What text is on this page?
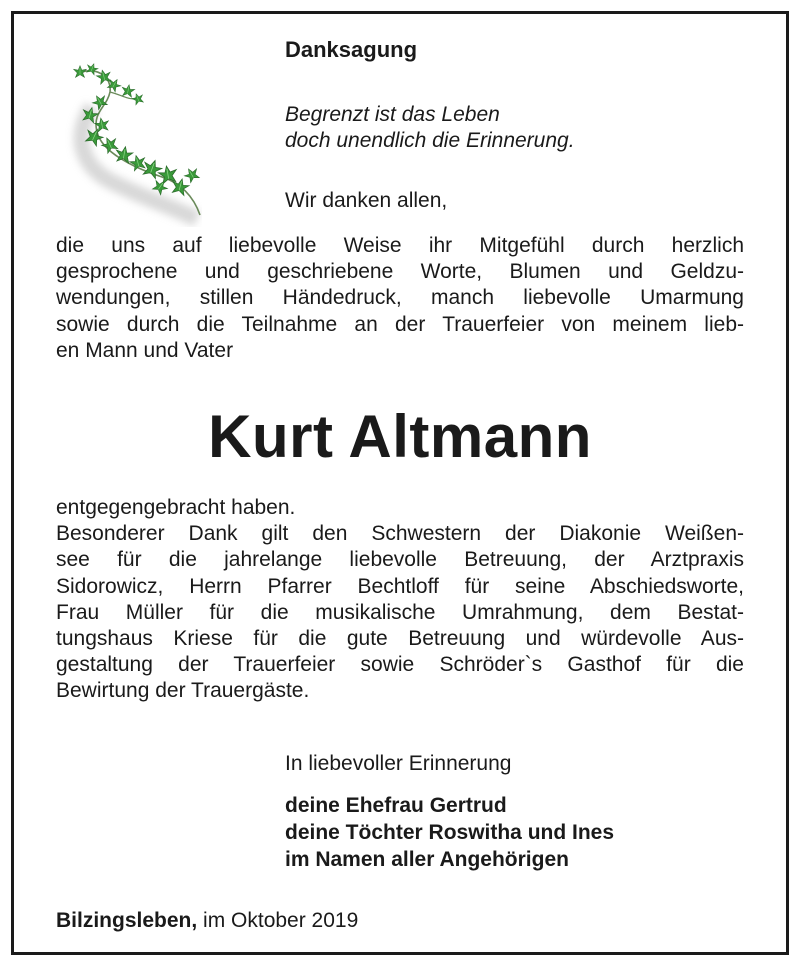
Danksagung
Begrenzt ist das Leben
doch unendlich die Erinnerung.
Wir danken allen,
die uns auf liebevolle Weise ihr Mitgefühl durch herzlich
gesprochene und geschriebene Worte, Blumen und Geldzu-
wendungen, stillen Händedruck, manch liebevolle Umarmung
sowie durch die Teilnahme an der Trauerfeier von meinem lieb-
en Mann und Vater
Kurt Altmann
entgegengebracht haben.
Besonderer Dank gilt den Schwestern der Diakonie Weißen-
see für die jahrelange liebevolle Betreuung, der Arztpraxis
Sidorowicz, Herrn Pfarrer Bechtloff für seine Abschiedsworte,
Frau Müller für die musikalische Umrahmung, dem Bestat-
tungshaus Kriese für die gute Betreuung und würdevolle Aus-
gestaltung der Trauerfeier sowie Schröder`s Gasthof für die
Bewirtung der Trauergäste.
In liebevoller Erinnerung
deine Ehefrau Gertrud
deine Töchter Roswitha und Ines
im Namen aller Angehörigen
Bilzingsleben, im Oktober 2019
